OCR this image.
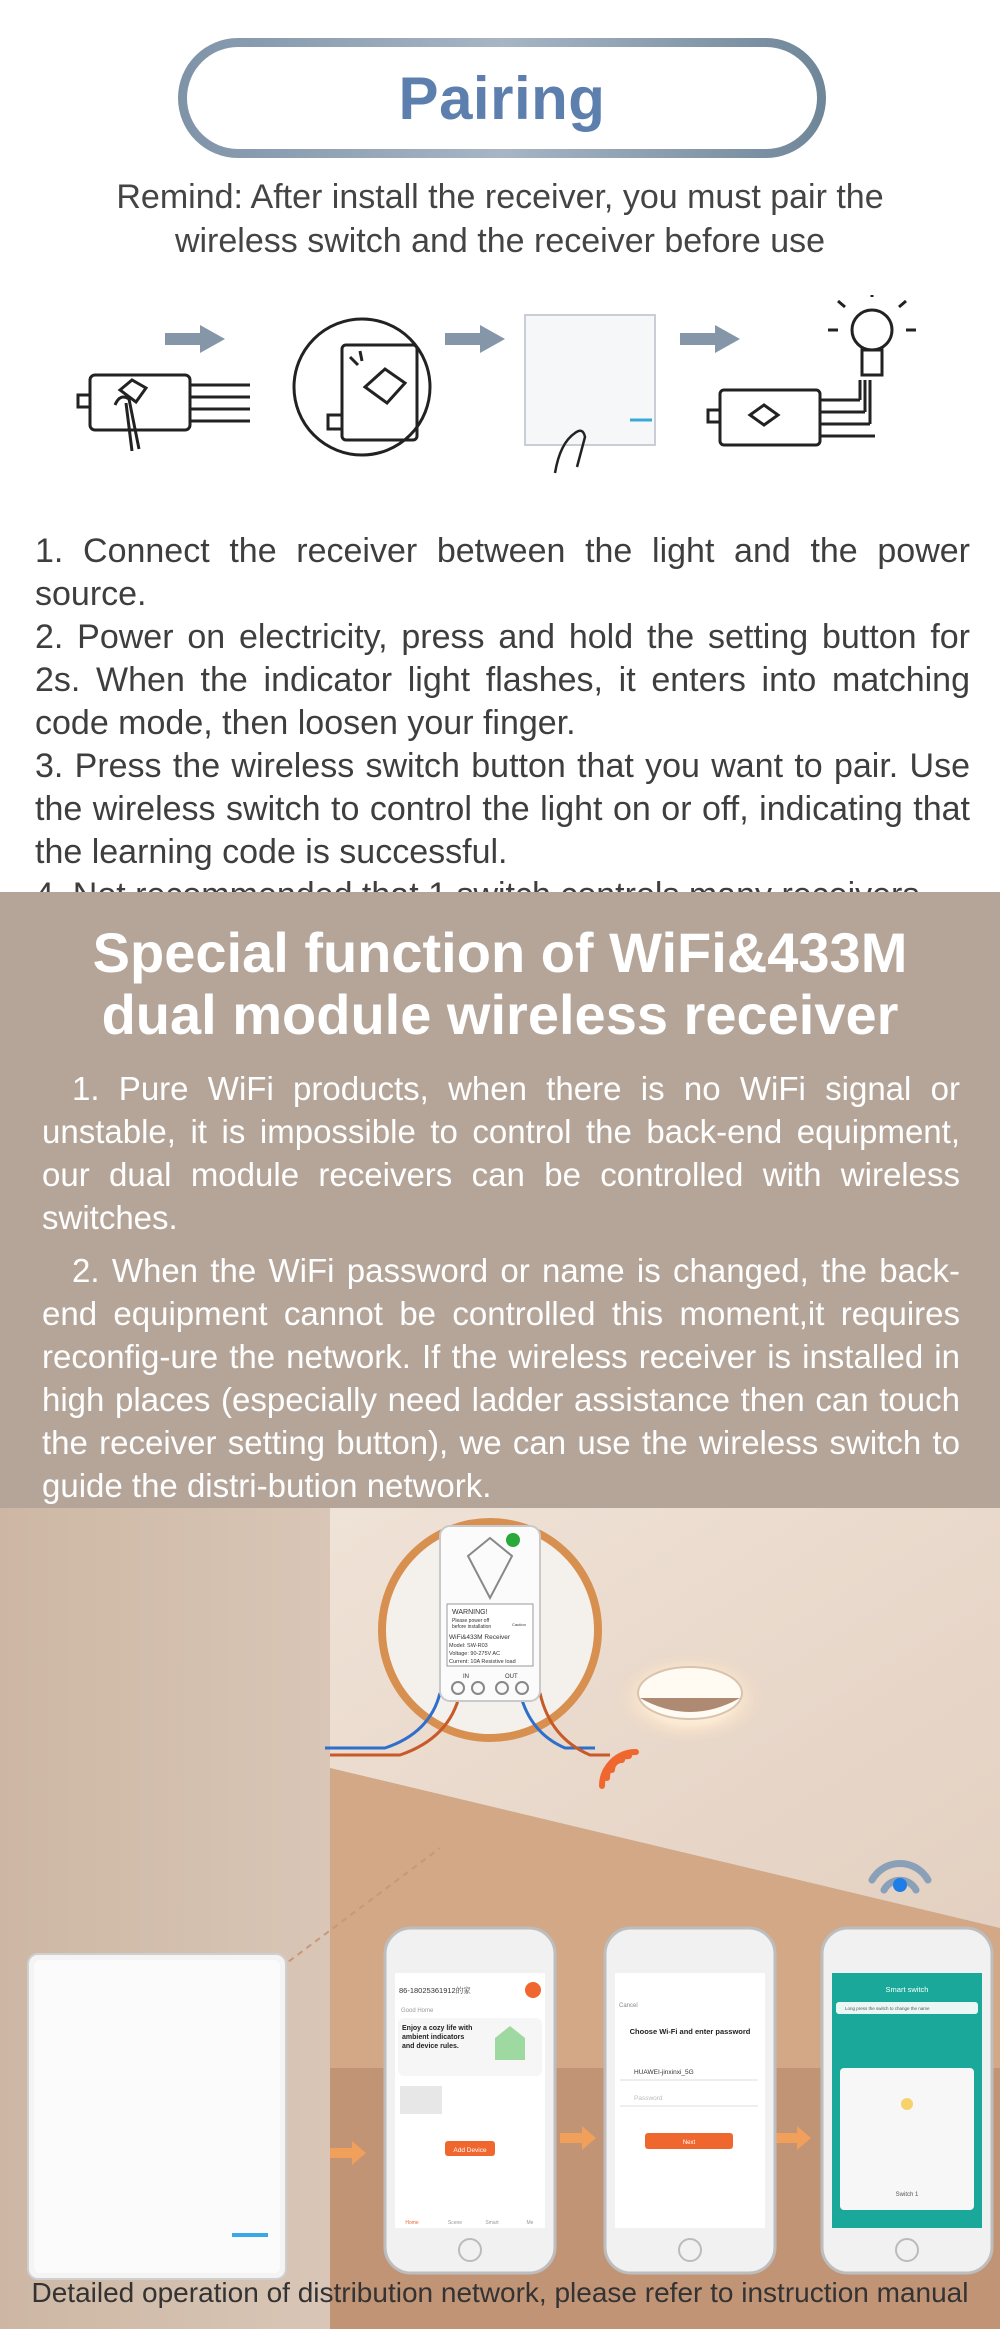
Pairing
Remind: After install the receiver, you must pair the
wireless switch and the receiver before use

1. Connect the receiver between the light and the power source.

2. Power on electricity, press and hold the setting button for 2s. When the indicator light flashes, it enters into matching code mode, then loosen your finger.

3. Press the wireless switch button that you want to pair. Use the wireless switch to control the light on or off, indicating that the learning code is successful.

Special function of WiFi&433M
dual module wireless receiver

1. Pure WiFi products, when there is no WiFi signal or unstable, it is impossible to control the back-end equipment, our dual module receivers can be controlled with wireless switches.

2. When the WiFi password or name is changed, the back-end equipment cannot be controlled this moment,it requires reconfig-ure the network. If the wireless receiver is installed in high places (especially need ladder assistance then can touch the receiver setting button), we can use the wireless switch to guide the distri-bution network.

WARNING!
Please power off
before installation	Caution
WiFi&433M Receiver
Model: SW-R03
Voltage: 90-275V AC
Current: 10A Resistive load
IN	OUT
86-18025361912的家
Good Home
Enjoy a cozy life with
ambient indicators
and device rules.
Add Device
Home	Scene	Smart	Me
Cancel
Choose Wi-Fi and enter password
HUAWEI-jinxinxi_5G
Password
Next
Smart switch
Long press the switch to change the name
Switch 1
Detailed operation of distribution network, please refer to instruction manual
